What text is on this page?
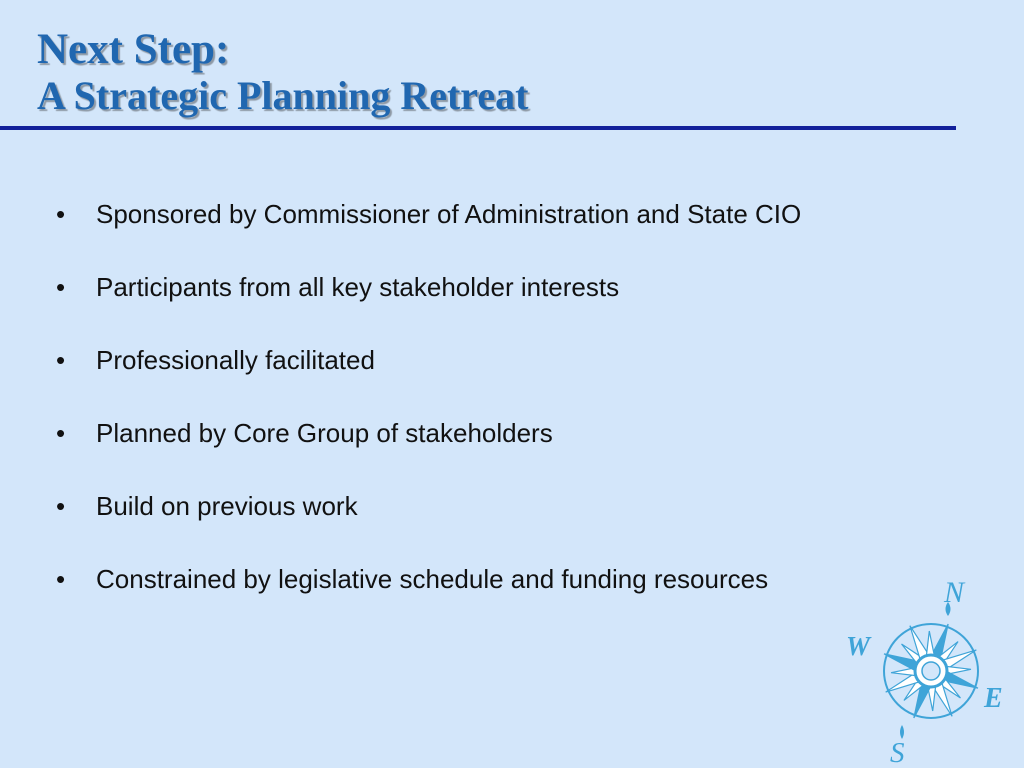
Next Step:
A Strategic Planning Retreat
•	Sponsored by Commissioner of Administration and State CIO
•	Participants from all key stakeholder interests
•	Professionally facilitated
•	Planned by Core Group of stakeholders
•	Build on previous work
•	Constrained by legislative schedule and funding resources	N
W
E
S
